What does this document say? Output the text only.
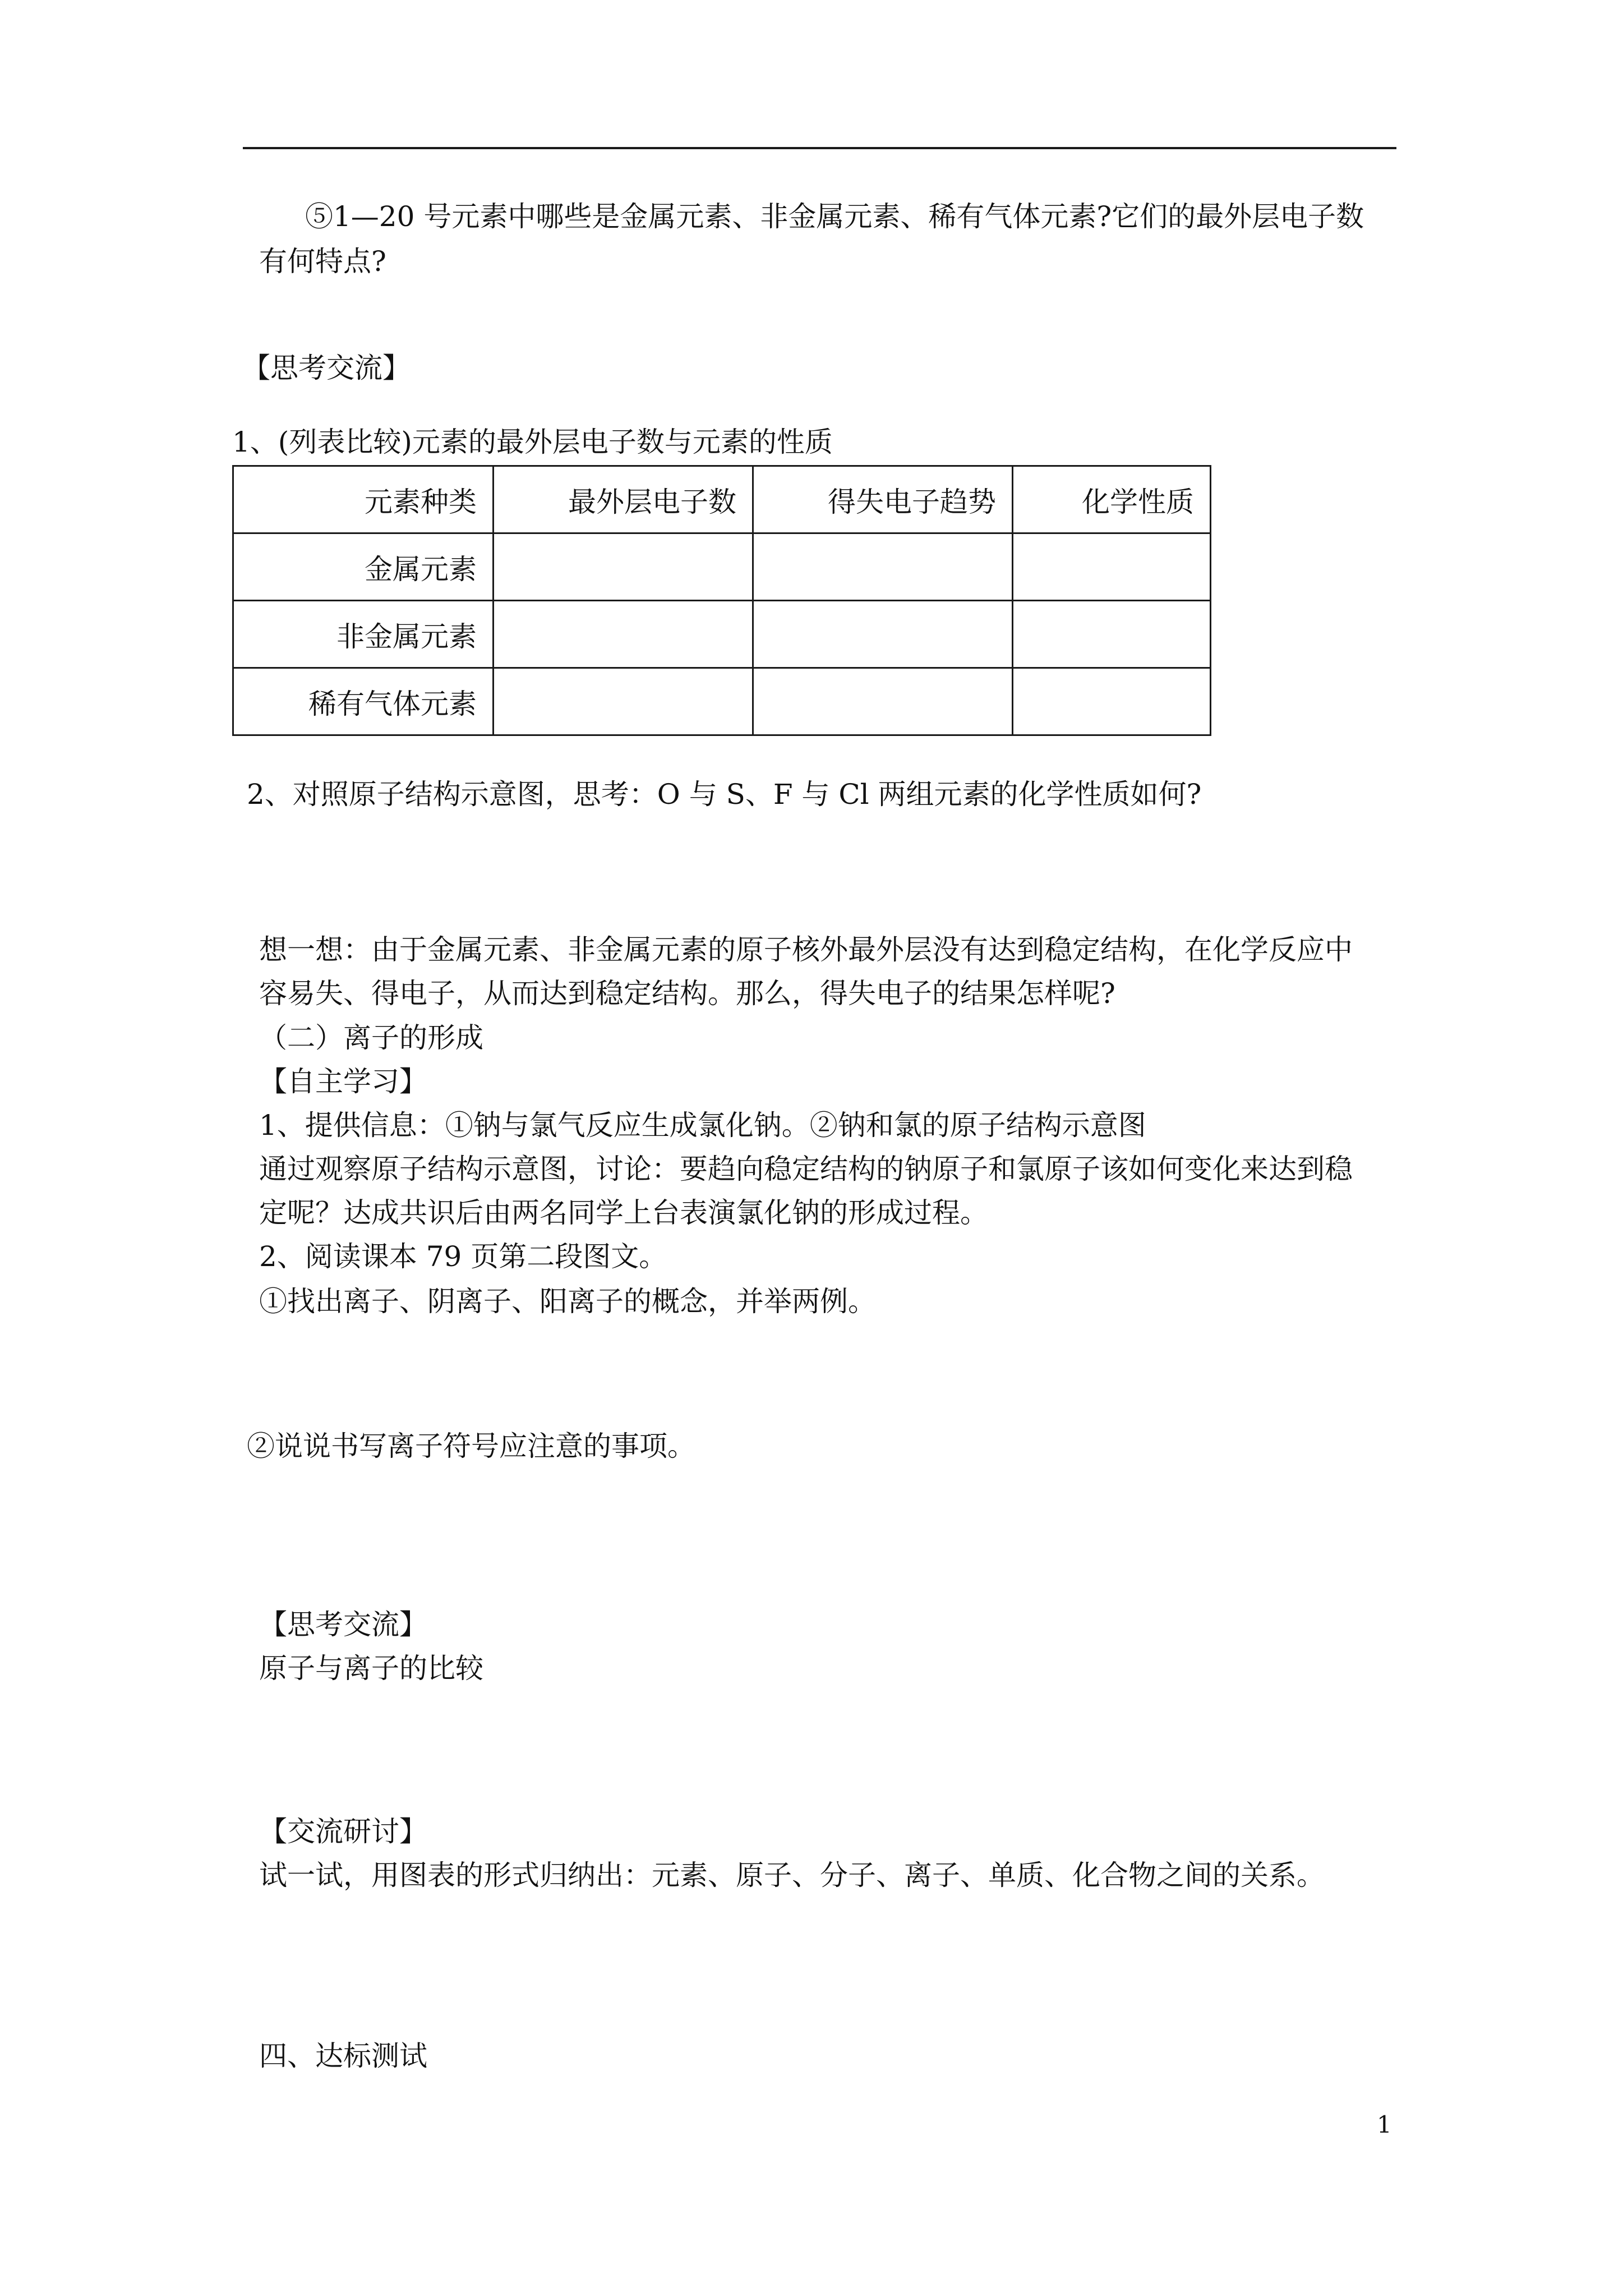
⑤1—20 号元素中哪些是金属元素、非金属元素、稀有气体元素?它们的最外层电子数
有何特点?
【思考交流】
1、(列表比较)元素的最外层电子数与元素的性质
元素种类	最外层电子数	得失电子趋势	化学性质
金属元素			
非金属元素			
稀有气体元素			
2、对照原子结构示意图，思考：O 与 S、F 与 Cl 两组元素的化学性质如何?
想一想：由于金属元素、非金属元素的原子核外最外层没有达到稳定结构，在化学反应中
容易失、得电子，从而达到稳定结构。那么，得失电子的结果怎样呢?
（二）离子的形成
【自主学习】
1、提供信息：①钠与氯气反应生成氯化钠。②钠和氯的原子结构示意图
通过观察原子结构示意图，讨论：要趋向稳定结构的钠原子和氯原子该如何变化来达到稳
定呢？达成共识后由两名同学上台表演氯化钠的形成过程。
2、阅读课本 79 页第二段图文。
①找出离子、阴离子、阳离子的概念，并举两例。
②说说书写离子符号应注意的事项。
【思考交流】
原子与离子的比较
【交流研讨】
试一试，用图表的形式归纳出：元素、原子、分子、离子、单质、化合物之间的关系。
四、达标测试
1
